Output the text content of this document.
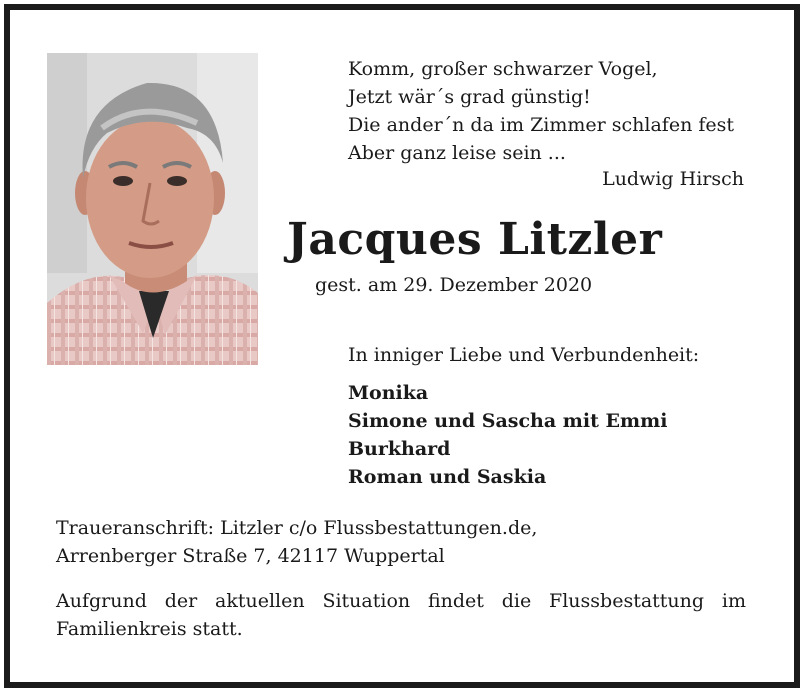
Komm, großer schwarzer Vogel,
Jetzt wär´s grad günstig!
Die ander´n da im Zimmer schlafen fest
Aber ganz leise sein ...
Ludwig Hirsch
Jacques Litzler
gest. am 29. Dezember 2020
In inniger Liebe und Verbundenheit:
Monika
Simone und Sascha mit Emmi
Burkhard
Roman und Saskia
Traueranschrift: Litzler c/o Flussbestattungen.de,
Arrenberger Straße 7, 42117 Wuppertal
Aufgrund der aktuellen Situation findet die Flussbestattung im Familienkreis statt.
